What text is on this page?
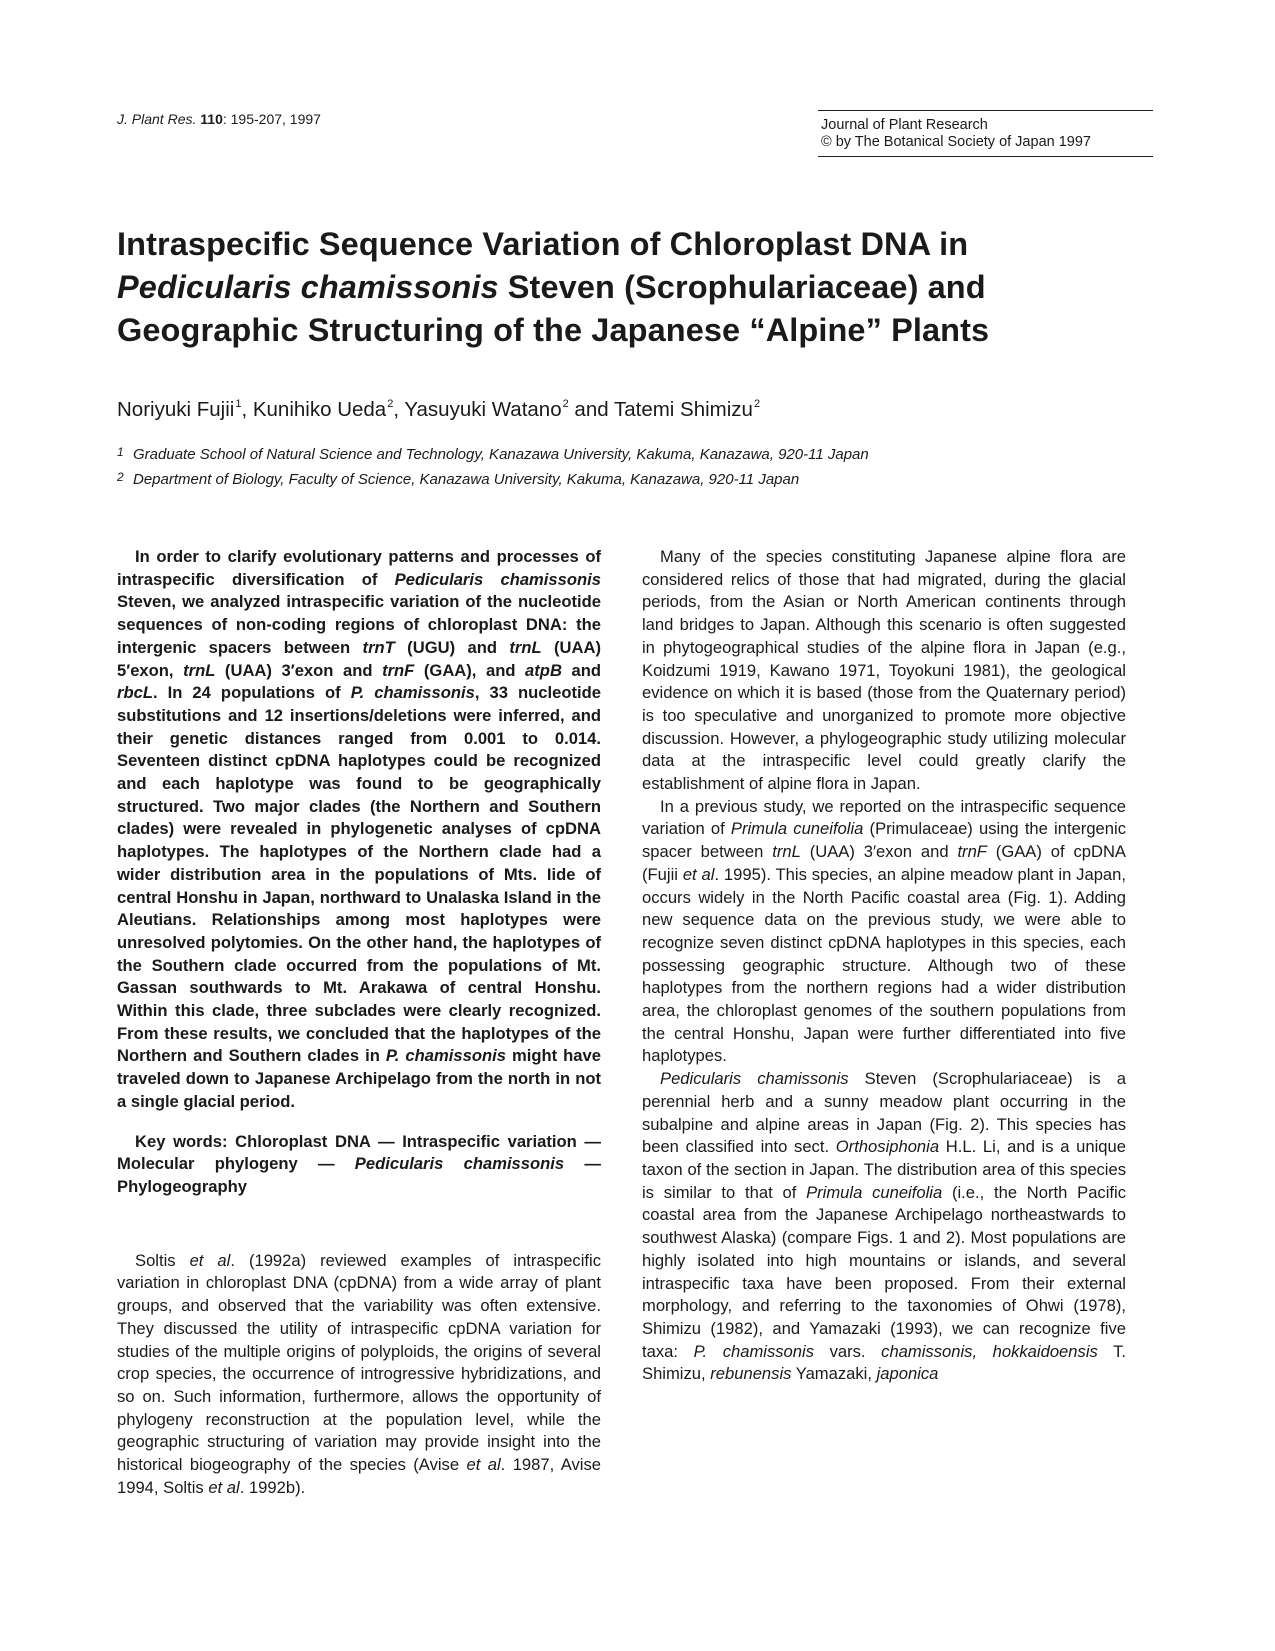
J. Plant Res. 110: 195-207, 1997	Journal of Plant Research
© by The Botanical Society of Japan 1997
Intraspecific Sequence Variation of Chloroplast DNA in
Pedicularis chamissonis Steven (Scrophulariaceae) and
Geographic Structuring of the Japanese “Alpine” Plants
Noriyuki Fujii$^1$, Kunihiko Ueda$^2$, Yasuyuki Watano$^2$ and Tatemi Shimizu$^2$
1 Graduate School of Natural Science and Technology, Kanazawa University, Kakuma, Kanazawa, 920-11 Japan
2 Department of Biology, Faculty of Science, Kanazawa University, Kakuma, Kanazawa, 920-11 Japan

In order to clarify evolutionary patterns and processes of intraspecific diversification of Pedicularis chamissonis Steven, we analyzed intraspecific variation of the nucleotide sequences of non-coding regions of chloroplast DNA: the intergenic spacers between trnT (UGU) and trnL (UAA) 5′exon, trnL (UAA) 3′exon and trnF (GAA), and atpB and rbcL. In 24 populations of P. chamissonis, 33 nucleotide substitutions and 12 insertions/deletions were inferred, and their genetic distances ranged from 0.001 to 0.014. Seventeen distinct cpDNA haplotypes could be recognized and each haplotype was found to be geographically structured. Two major clades (the Northern and Southern clades) were revealed in phylogenetic analyses of cpDNA haplotypes. The haplotypes of the Northern clade had a wider distribution area in the populations of Mts. Iide of central Honshu in Japan, northward to Unalaska Island in the Aleutians. Relationships among most haplotypes were unresolved polytomies. On the other hand, the haplotypes of the Southern clade occurred from the populations of Mt. Gassan southwards to Mt. Arakawa of central Honshu. Within this clade, three subclades were clearly recognized. From these results, we concluded that the haplotypes of the Northern and Southern clades in P. chamissonis might have traveled down to Japanese Archipelago from the north in not a single glacial period.

Key words: Chloroplast DNA — Intraspecific variation — Molecular phylogeny — Pedicularis chamissonis — Phylogeography

Soltis et al. (1992a) reviewed examples of intraspecific variation in chloroplast DNA (cpDNA) from a wide array of plant groups, and observed that the variability was often extensive. They discussed the utility of intraspecific cpDNA variation for studies of the multiple origins of polyploids, the origins of several crop species, the occurrence of introgressive hybridizations, and so on. Such information, furthermore, allows the opportunity of phylogeny reconstruction at the population level, while the geographic structuring of variation may provide insight into the historical biogeography of the species (Avise et al. 1987, Avise 1994, Soltis et al. 1992b).

Many of the species constituting Japanese alpine flora are considered relics of those that had migrated, during the glacial periods, from the Asian or North American continents through land bridges to Japan. Although this scenario is often suggested in phytogeographical studies of the alpine flora in Japan (e.g., Koidzumi 1919, Kawano 1971, Toyokuni 1981), the geological evidence on which it is based (those from the Quaternary period) is too speculative and unorganized to promote more objective discussion. However, a phylogeographic study utilizing molecular data at the intraspecific level could greatly clarify the establishment of alpine flora in Japan.

In a previous study, we reported on the intraspecific sequence variation of Primula cuneifolia (Primulaceae) using the intergenic spacer between trnL (UAA) 3′exon and trnF (GAA) of cpDNA (Fujii et al. 1995). This species, an alpine meadow plant in Japan, occurs widely in the North Pacific coastal area (Fig. 1). Adding new sequence data on the previous study, we were able to recognize seven distinct cpDNA haplotypes in this species, each possessing geographic structure. Although two of these haplotypes from the northern regions had a wider distribution area, the chloroplast genomes of the southern populations from the central Honshu, Japan were further differentiated into five haplotypes.

Pedicularis chamissonis Steven (Scrophulariaceae) is a perennial herb and a sunny meadow plant occurring in the subalpine and alpine areas in Japan (Fig. 2). This species has been classified into sect. Orthosiphonia H.L. Li, and is a unique taxon of the section in Japan. The distribution area of this species is similar to that of Primula cuneifolia (i.e., the North Pacific coastal area from the Japanese Archipelago northeastwards to southwest Alaska) (compare Figs. 1 and 2). Most populations are highly isolated into high mountains or islands, and several intraspecific taxa have been proposed. From their external morphology, and referring to the taxonomies of Ohwi (1978), Shimizu (1982), and Yamazaki (1993), we can recognize five taxa: P. chamissonis vars. chamissonis, hokkaidoensis T. Shimizu, rebunensis Yamazaki, japonica
